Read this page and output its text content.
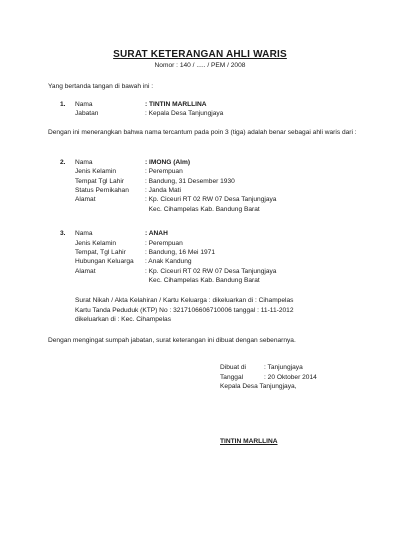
SURAT KETERANGAN AHLI WARIS
Nomor : 140 / ..... / PEM / 2008
Yang bertanda tangan di bawah ini :
1. Nama	: TINTIN MARLLINA
Jabatan	: Kepala Desa Tanjungjaya
Dengan ini menerangkan bahwa nama tercantum pada poin 3 (tiga) adalah benar sebagai ahli waris dari :
2. Nama	: IMONG (Alm)
Jenis Kelamin	: Perempuan
Tempat Tgl Lahir	: Bandung, 31 Desember 1930
Status Pernikahan : Janda Mati
Alamat	: Kp. Ciceuri RT 02 RW 07 Desa Tanjungjaya
Kec. Cihampelas Kab. Bandung Barat
3. Nama	: ANAH
Jenis Kelamin	: Perempuan
Tempat, Tgl Lahir	: Bandung, 16 Mei 1971
Hubungan Keluarga : Anak Kandung
Alamat	: Kp. Ciceuri RT 02 RW 07 Desa Tanjungjaya
Kec. Cihampelas Kab. Bandung Barat
Surat Nikah / Akta Kelahiran / Kartu Keluarga : dikeluarkan di : Cihampelas
Kartu Tanda Peduduk (KTP) No : 3217106606710006 tanggal : 11-11-2012
dikeluarkan di : Kec. Cihampelas
Dengan mengingat sumpah jabatan, surat keterangan ini dibuat dengan sebenarnya.
Dibuat di	: Tanjungjaya
Tanggal	: 20 Oktober 2014
Kepala Desa Tanjungjaya,
TINTIN MARLLINA
